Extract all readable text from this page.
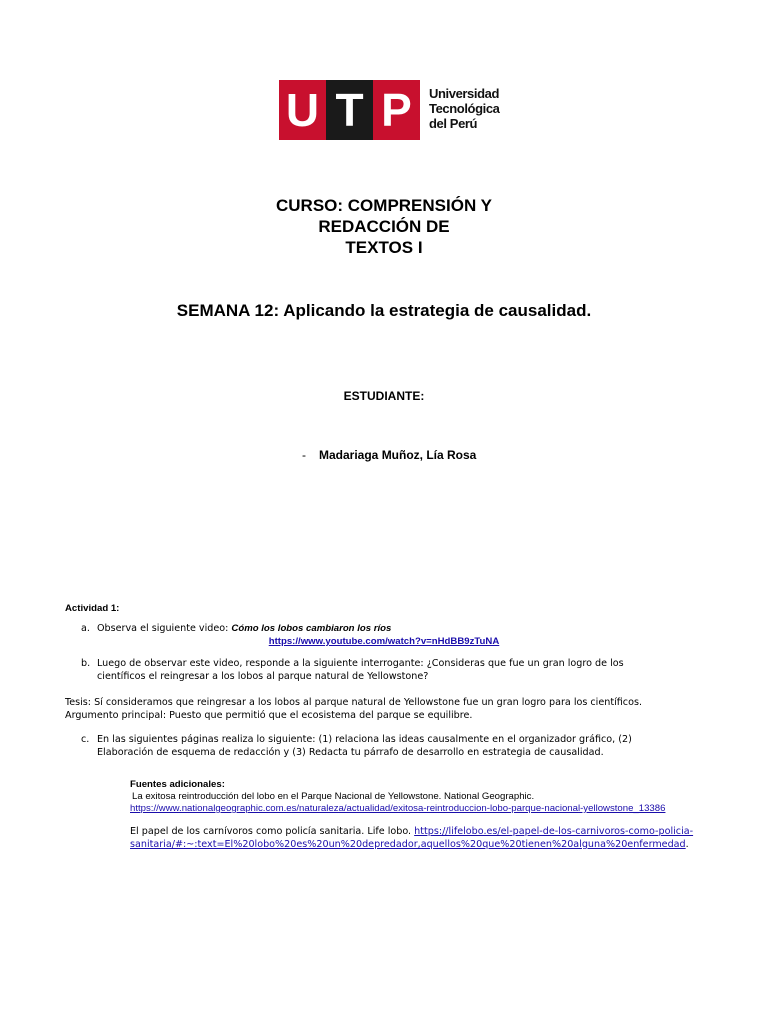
U T P	Universidad
Tecnológica
del Perú
CURSO: COMPRENSIÓN Y
REDACCIÓN DE
TEXTOS I
SEMANA 12: Aplicando la estrategia de causalidad.
ESTUDIANTE:
- Madariaga Muñoz, Lía Rosa
Actividad 1:
a. Observa el siguiente video: Cómo los lobos cambiaron los ríos
https://www.youtube.com/watch?v=nHdBB9zTuNA
b. Luego de observar este video, responde a la siguiente interrogante: ¿Consideras que fue un gran logro de los
científicos el reingresar a los lobos al parque natural de Yellowstone?
Tesis: Sí consideramos que reingresar a los lobos al parque natural de Yellowstone fue un gran logro para los científicos.
Argumento principal: Puesto que permitió que el ecosistema del parque se equilibre.
c. En las siguientes páginas realiza lo siguiente: (1) relaciona las ideas causalmente en el organizador gráfico, (2)
Elaboración de esquema de redacción y (3) Redacta tu párrafo de desarrollo en estrategia de causalidad.
Fuentes adicionales:
La exitosa reintroducción del lobo en el Parque Nacional de Yellowstone. National Geographic.
https://www.nationalgeographic.com.es/naturaleza/actualidad/exitosa-reintroduccion-lobo-parque-nacional-yellowstone_13386
El papel de los carnívoros como policía sanitaria. Life lobo. https://lifelobo.es/el-papel-de-los-carnivoros-como-policia-
sanitaria/#:~:text=El%20lobo%20es%20un%20depredador,aquellos%20que%20tienen%20alguna%20enfermedad.
